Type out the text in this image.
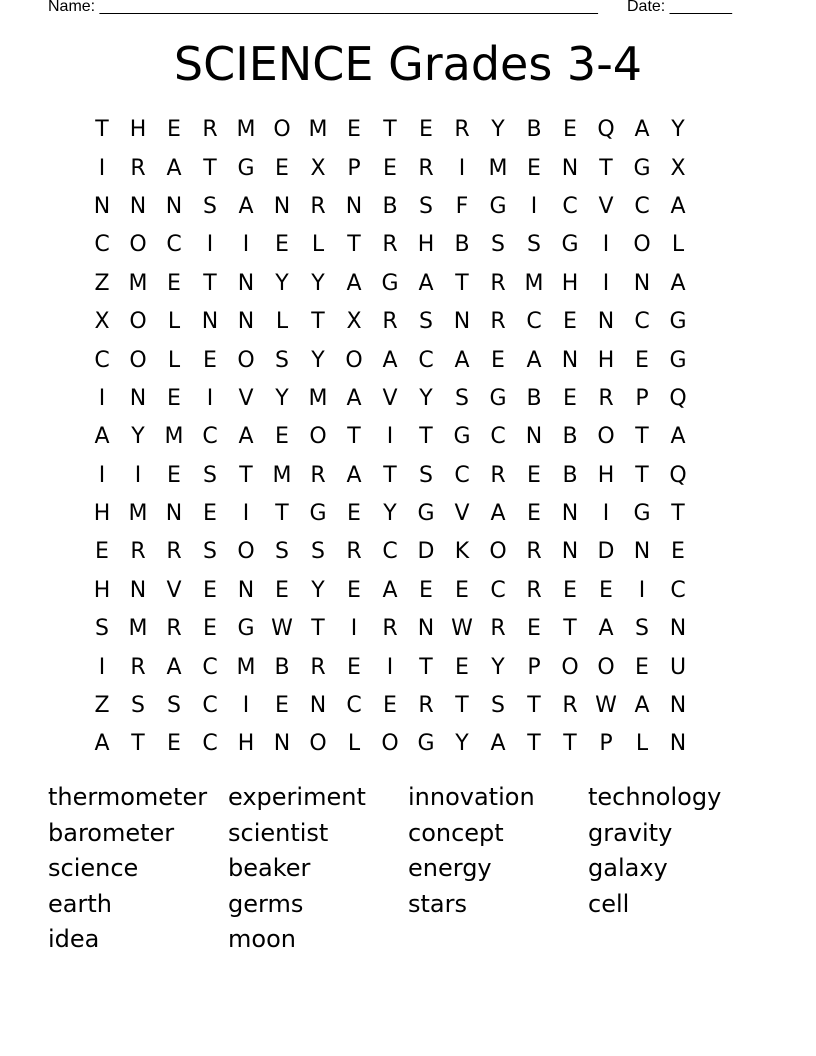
Name: ________________________________________________________ Date: _______
SCIENCE Grades 3-4
T H E R M O M E	T	E R Y B E Q A Y
I	R A T G E X P	E R	I	M E N T G X
N N N S A N R N B S	F G	I	C V C A
C O C	I	I	E	L	T R H B S	S G	I	O L
Z M E	T N Y	Y A G A T R M H	I	N A
X O L N N L	T X R S N R C E N C G
C O L	E O S	Y O A C A E A N H E G
I	N E	I	V Y M A V Y	S G B E R P Q
A Y M C A E O T	I	T G C N B O T A
I	I	E	S	T M R A T	S C R E B H T Q
H M N E	I	T G E	Y G V A E N	I	G T
E R R S O S	S R C D K O R N D N E
H N V E N E	Y	E A E	E C R E	E	I	C
S M R E G W T	I	R N W R E	T A S N
I	R A C M B R E	I	T	E	Y	P O O E U
Z S	S C	I	E N C E R T	S	T R W A N
A T	E C H N O L O G Y A T	T	P	L N
thermometer experiment	innovation	technology
barometer	scientist	concept	gravity
science	beaker	energy	galaxy
earth	germs	stars	cell
idea	moon
